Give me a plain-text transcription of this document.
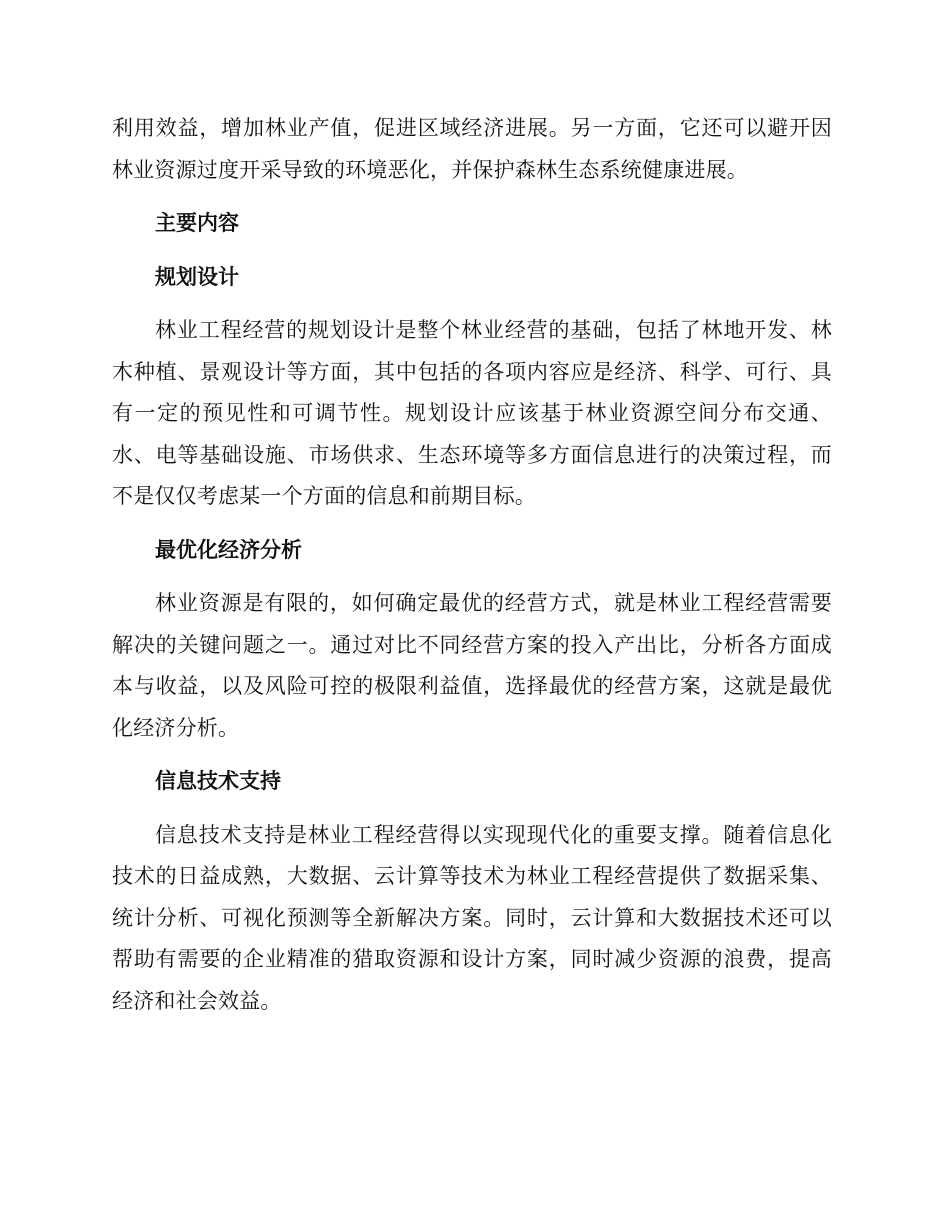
利用效益，增加林业产值，促进区域经济进展。另一方面，它还可以避开因林业资源过度开采导致的环境恶化，并保护森林生态系统健康进展。

主要内容
规划设计

林业工程经营的规划设计是整个林业经营的基础，包括了林地开发、林木种植、景观设计等方面，其中包括的各项内容应是经济、科学、可行、具有一定的预见性和可调节性。规划设计应该基于林业资源空间分布交通、水、电等基础设施、市场供求、生态环境等多方面信息进行的决策过程，而不是仅仅考虑某一个方面的信息和前期目标。

最优化经济分析

林业资源是有限的，如何确定最优的经营方式，就是林业工程经营需要解决的关键问题之一。通过对比不同经营方案的投入产出比，分析各方面成本与收益，以及风险可控的极限利益值，选择最优的经营方案，这就是最优化经济分析。

信息技术支持

信息技术支持是林业工程经营得以实现现代化的重要支撑。随着信息化技术的日益成熟，大数据、云计算等技术为林业工程经营提供了数据采集、统计分析、可视化预测等全新解决方案。同时，云计算和大数据技术还可以帮助有需要的企业精准的猎取资源和设计方案，同时减少资源的浪费，提高经济和社会效益。
